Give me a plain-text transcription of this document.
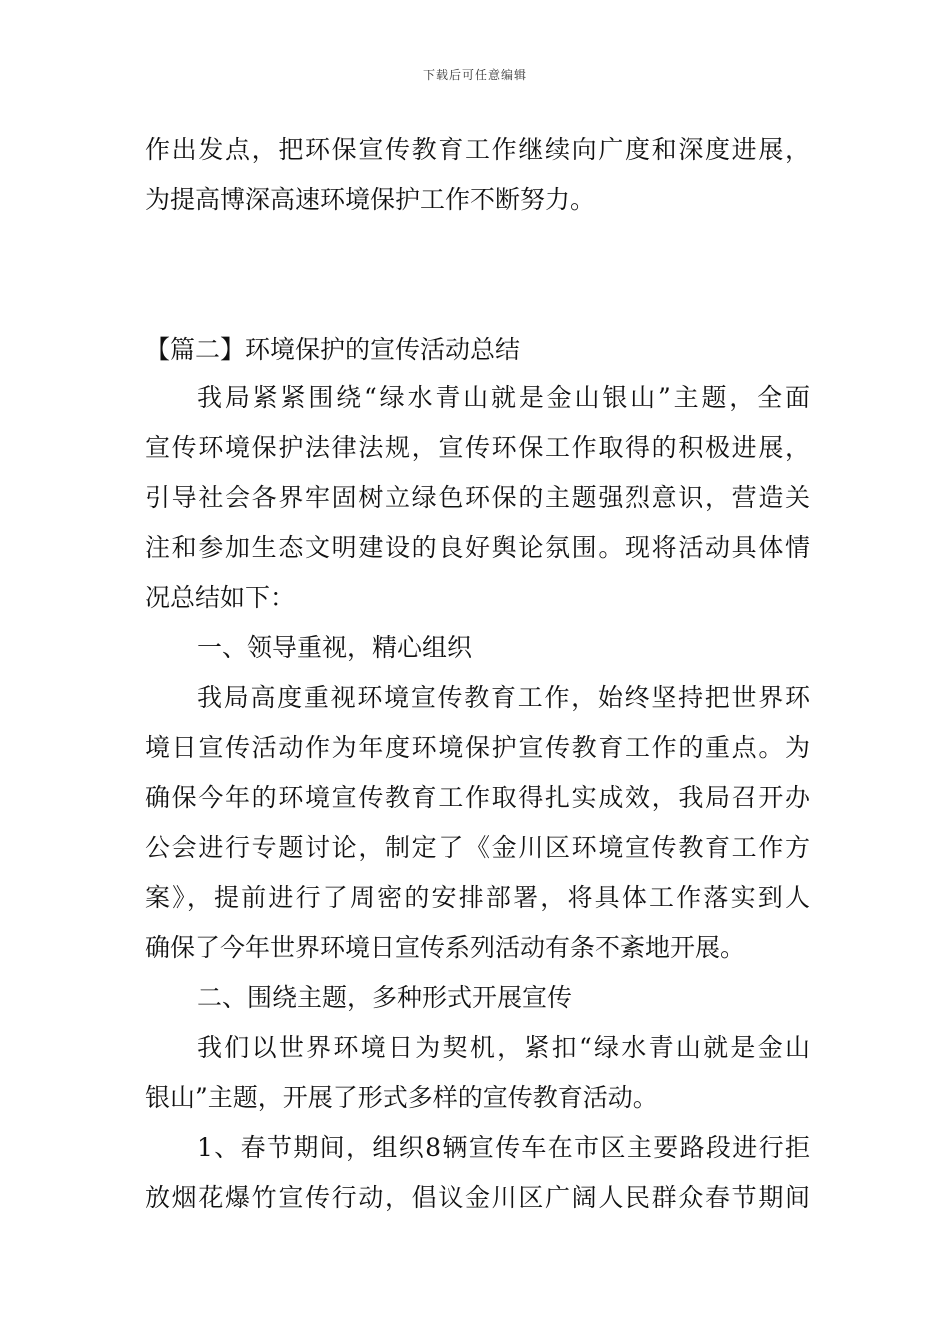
下载后可任意编辑
作出发点，把环保宣传教育工作继续向广度和深度进展，
为提高博深高速环境保护工作不断努力。
【篇二】环境保护的宣传活动总结
我局紧紧围绕“绿水青山就是金山银山”主题，全面
宣传环境保护法律法规，宣传环保工作取得的积极进展，
引导社会各界牢固树立绿色环保的主题强烈意识，营造关
注和参加生态文明建设的良好舆论氛围。现将活动具体情
况总结如下：
一、领导重视，精心组织
我局高度重视环境宣传教育工作，始终坚持把世界环
境日宣传活动作为年度环境保护宣传教育工作的重点。为
确保今年的环境宣传教育工作取得扎实成效，我局召开办
公会进行专题讨论，制定了《金川区环境宣传教育工作方
案》，提前进行了周密的安排部署，将具体工作落实到人
确保了今年世界环境日宣传系列活动有条不紊地开展。
二、围绕主题，多种形式开展宣传
我们以世界环境日为契机，紧扣“绿水青山就是金山
银山”主题，开展了形式多样的宣传教育活动。
1、春节期间，组织8辆宣传车在市区主要路段进行拒
放烟花爆竹宣传行动，倡议金川区广阔人民群众春节期间
